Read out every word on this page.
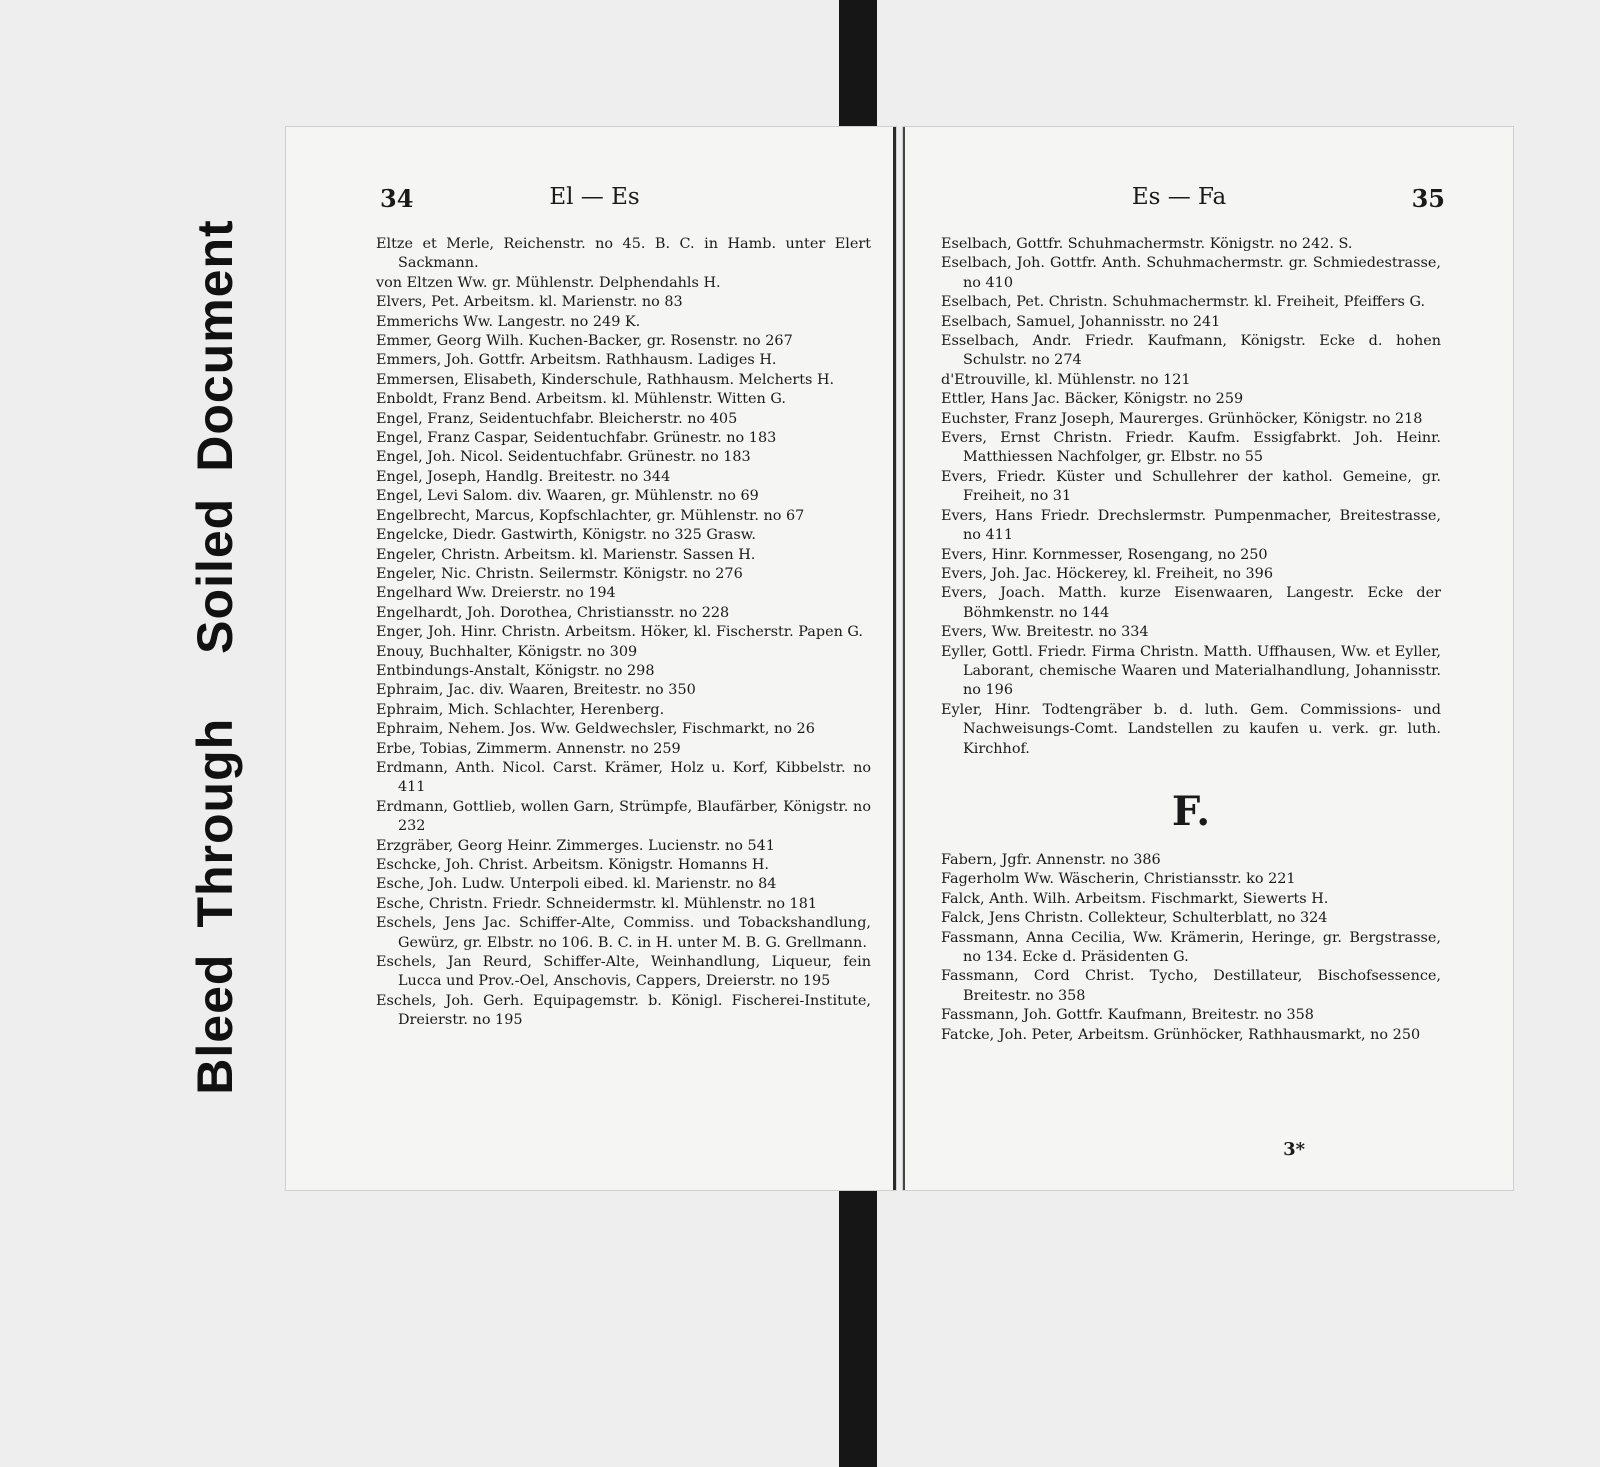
Bleed
Through
Soiled
Document
34	El — Es
Eltze et Merle, Reichenstr. no 45. B. C. in Hamb. unter Elert Sackmann.
von Eltzen Ww. gr. Mühlenstr. Delphendahls H.
Elvers, Pet. Arbeitsm. kl. Marienstr. no 83
Emmerichs Ww. Langestr. no 249 K.
Emmer, Georg Wilh. Kuchen-Backer, gr. Rosenstr. no 267
Emmers, Joh. Gottfr. Arbeitsm. Rathhausm. Ladiges H.
Emmersen, Elisabeth, Kinderschule, Rathhausm. Melcherts H.
Enboldt, Franz Bend. Arbeitsm. kl. Mühlenstr. Witten G.
Engel, Franz, Seidentuchfabr. Bleicherstr. no 405
Engel, Franz Caspar, Seidentuchfabr. Grünestr. no 183
Engel, Joh. Nicol. Seidentuchfabr. Grünestr. no 183
Engel, Joseph, Handlg. Breitestr. no 344
Engel, Levi Salom. div. Waaren, gr. Mühlenstr. no 69
Engelbrecht, Marcus, Kopfschlachter, gr. Mühlenstr. no 67
Engelcke, Diedr. Gastwirth, Königstr. no 325 Grasw.
Engeler, Christn. Arbeitsm. kl. Marienstr. Sassen H.
Engeler, Nic. Christn. Seilermstr. Königstr. no 276
Engelhard Ww. Dreierstr. no 194
Engelhardt, Joh. Dorothea, Christiansstr. no 228
Enger, Joh. Hinr. Christn. Arbeitsm. Höker, kl. Fischerstr. Papen G.
Enouy, Buchhalter, Königstr. no 309
Entbindungs-Anstalt, Königstr. no 298
Ephraim, Jac. div. Waaren, Breitestr. no 350
Ephraim, Mich. Schlachter, Herenberg.
Ephraim, Nehem. Jos. Ww. Geldwechsler, Fischmarkt, no 26
Erbe, Tobias, Zimmerm. Annenstr. no 259
Erdmann, Anth. Nicol. Carst. Krämer, Holz u. Korf, Kibbelstr. no 411
Erdmann, Gottlieb, wollen Garn, Strümpfe, Blaufärber, Königstr. no 232
Erzgräber, Georg Heinr. Zimmerges. Lucienstr. no 541
Eschcke, Joh. Christ. Arbeitsm. Königstr. Homanns H.
Esche, Joh. Ludw. Unterpoli eibed. kl. Marienstr. no 84
Esche, Christn. Friedr. Schneidermstr. kl. Mühlenstr. no 181
Eschels, Jens Jac. Schiffer-Alte, Commiss. und Tobackshandlung, Gewürz, gr. Elbstr. no 106. B. C. in H. unter M. B. G. Grellmann.
Eschels, Jan Reurd, Schiffer-Alte, Weinhandlung, Liqueur, fein Lucca und Prov.-Oel, Anschovis, Cappers, Dreierstr. no 195
Eschels, Joh. Gerh. Equipagemstr. b. Königl. Fischerei-Institute, Dreierstr. no 195
Es — Fa	35
Eselbach, Gottfr. Schuhmachermstr. Königstr. no 242. S.
Eselbach, Joh. Gottfr. Anth. Schuhmachermstr. gr. Schmiedestrasse, no 410
Eselbach, Pet. Christn. Schuhmachermstr. kl. Freiheit, Pfeiffers G.
Eselbach, Samuel, Johannisstr. no 241
Esselbach, Andr. Friedr. Kaufmann, Königstr. Ecke d. hohen Schulstr. no 274
d'Etrouville, kl. Mühlenstr. no 121
Ettler, Hans Jac. Bäcker, Königstr. no 259
Euchster, Franz Joseph, Maurerges. Grünhöcker, Königstr. no 218
Evers, Ernst Christn. Friedr. Kaufm. Essigfabrkt. Joh. Heinr. Matthiessen Nachfolger, gr. Elbstr. no 55
Evers, Friedr. Küster und Schullehrer der kathol. Gemeine, gr. Freiheit, no 31
Evers, Hans Friedr. Drechslermstr. Pumpenmacher, Breitestrasse, no 411
Evers, Hinr. Kornmesser, Rosengang, no 250
Evers, Joh. Jac. Höckerey, kl. Freiheit, no 396
Evers, Joach. Matth. kurze Eisenwaaren, Langestr. Ecke der Böhmkenstr. no 144
Evers, Ww. Breitestr. no 334
Eyller, Gottl. Friedr. Firma Christn. Matth. Uffhausen, Ww. et Eyller, Laborant, chemische Waaren und Materialhandlung, Johannisstr. no 196
Eyler, Hinr. Todtengräber b. d. luth. Gem. Commissions- und Nachweisungs-Comt. Landstellen zu kaufen u. verk. gr. luth. Kirchhof.
F.
Fabern, Jgfr. Annenstr. no 386
Fagerholm Ww. Wäscherin, Christiansstr. ko 221
Falck, Anth. Wilh. Arbeitsm. Fischmarkt, Siewerts H.
Falck, Jens Christn. Collekteur, Schulterblatt, no 324
Fassmann, Anna Cecilia, Ww. Krämerin, Heringe, gr. Bergstrasse, no 134. Ecke d. Präsidenten G.
Fassmann, Cord Christ. Tycho, Destillateur, Bischofsessence, Breitestr. no 358
Fassmann, Joh. Gottfr. Kaufmann, Breitestr. no 358
Fatcke, Joh. Peter, Arbeitsm. Grünhöcker, Rathhausmarkt, no 250
3*
